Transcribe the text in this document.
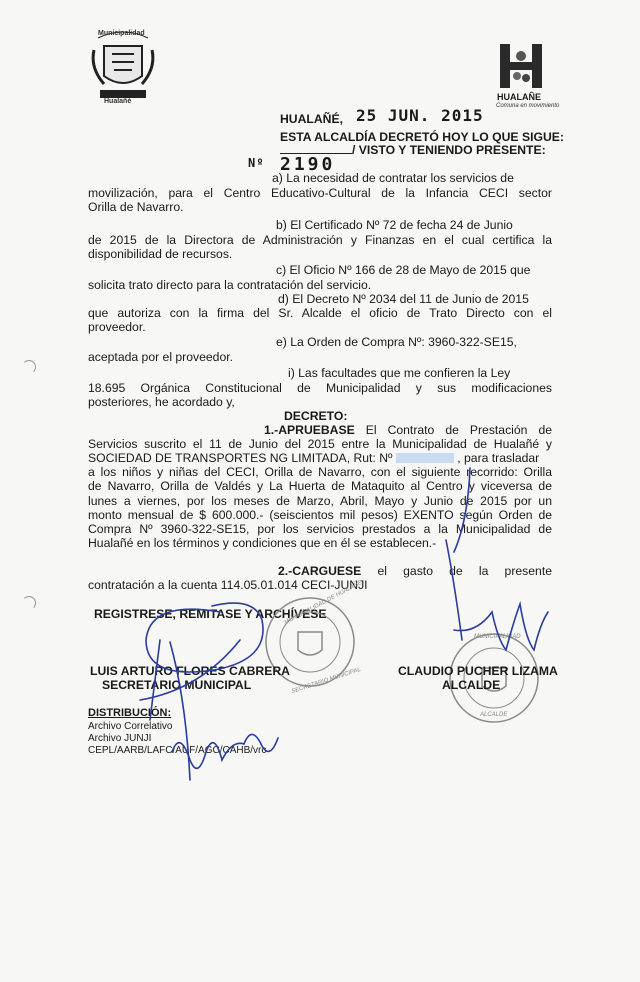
Municipalidad
Hualañé	HUALAÑE
Comuna en movimiento
HUALAÑÉ, 25 JUN. 2015
ESTA ALCALDÍA DECRETÓ HOY LO QUE SIGUE:
/ VISTO Y TENIENDO PRESENTE:
Nº 2190
a) La necesidad de contratar los servicios de
movilización, para el Centro Educativo-Cultural de la Infancia CECI sector
Orilla de Navarro.
b) El Certificado Nº 72 de fecha 24 de Junio
de 2015 de la Directora de Administración y Finanzas en el cual certifica la
disponibilidad de recursos.
c) El Oficio Nº 166 de 28 de Mayo de 2015 que
solicita trato directo para la contratación del servicio.
d) El Decreto Nº 2034 del 11 de Junio de 2015
que autoriza con la firma del Sr. Alcalde el oficio de Trato Directo con el
proveedor.
e) La Orden de Compra Nº: 3960-322-SE15,
aceptada por el proveedor.
i) Las facultades que me confieren la Ley
18.695 Orgánica Constitucional de Municipalidad y sus modificaciones
posteriores, he acordado y,
DECRETO:
1.-APRUEBASE El Contrato de Prestación de
Servicios suscrito el 11 de Junio del 2015 entre la Municipalidad de Hualañé y
SOCIEDAD DE TRANSPORTES NG LIMITADA, Rut: Nº	, para trasladar
a los niños y niñas del CECI, Orilla de Navarro, con el siguiente recorrido: Orilla
de Navarro, Orilla de Valdés y La Huerta de Mataquito al Centro y viceversa de
lunes a viernes, por los meses de Marzo, Abril, Mayo y Junio de 2015 por un
monto mensual de $ 600.000.- (seiscientos mil pesos) EXENTO según Orden de
Compra Nº 3960-322-SE15, por los servicios prestados a la Municipalidad de
Hualañé en los términos y condiciones que en él se establecen.-
2.-CARGUESE el gasto de la presente
contratación a la cuenta 114.05.01.014 CECI-JUNJI
REGISTRESE, REMITASE Y ARCHÍVESE
MUNICIPALIDAD DE HUALAÑE
SECRETARIO MUNICIPAL
MUNICIPALIDAD
ALCALDE
LUIS ARTURO FLORES CABRERA
SECRETARIO MUNICIPAL
CLAUDIO PUCHER LIZAMA
ALCALDE
DISTRIBUCIÓN:
Archivo Correlativo
Archivo JUNJI
CEPL/AARB/LAFC/AUF/AGC/CAHB/vrc
